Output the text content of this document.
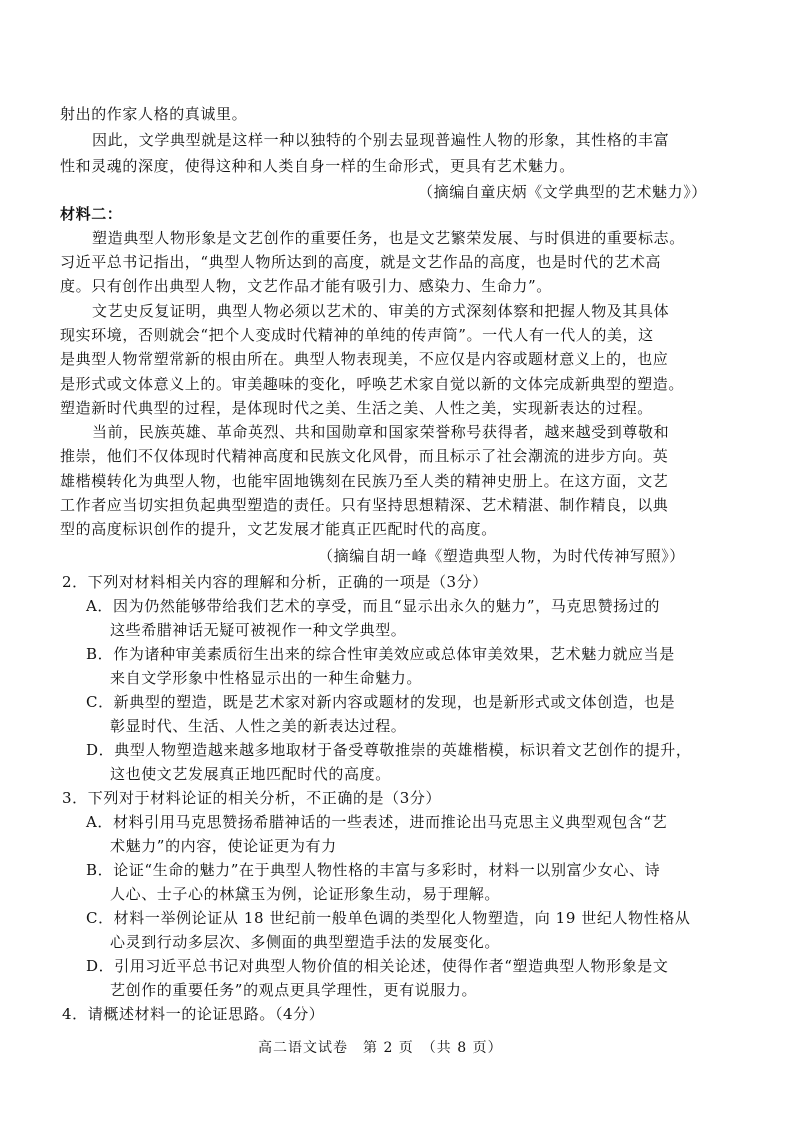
射出的作家人格的真诚里。
因此，文学典型就是这样一种以独特的个别去显现普遍性人物的形象，其性格的丰富
性和灵魂的深度，使得这种和人类自身一样的生命形式，更具有艺术魅力。
（摘编自童庆炳《文学典型的艺术魅力》）
材料二：
塑造典型人物形象是文艺创作的重要任务，也是文艺繁荣发展、与时俱进的重要标志。
习近平总书记指出，“典型人物所达到的高度，就是文艺作品的高度，也是时代的艺术高
度。只有创作出典型人物，文艺作品才能有吸引力、感染力、生命力”。
文艺史反复证明，典型人物必须以艺术的、审美的方式深刻体察和把握人物及其具体
现实环境，否则就会“把个人变成时代精神的单纯的传声筒”。一代人有一代人的美，这
是典型人物常塑常新的根由所在。典型人物表现美，不应仅是内容或题材意义上的，也应
是形式或文体意义上的。审美趣味的变化，呼唤艺术家自觉以新的文体完成新典型的塑造。
塑造新时代典型的过程，是体现时代之美、生活之美、人性之美，实现新表达的过程。
当前，民族英雄、革命英烈、共和国勋章和国家荣誉称号获得者，越来越受到尊敬和
推崇，他们不仅体现时代精神高度和民族文化风骨，而且标示了社会潮流的进步方向。英
雄楷模转化为典型人物，也能牢固地镌刻在民族乃至人类的精神史册上。在这方面，文艺
工作者应当切实担负起典型塑造的责任。只有坚持思想精深、艺术精湛、制作精良，以典
型的高度标识创作的提升，文艺发展才能真正匹配时代的高度。
（摘编自胡一峰《塑造典型人物，为时代传神写照》）
2．下列对材料相关内容的理解和分析，正确的一项是（3分）
A．因为仍然能够带给我们艺术的享受，而且“显示出永久的魅力”，马克思赞扬过的
这些希腊神话无疑可被视作一种文学典型。
B．作为诸种审美素质衍生出来的综合性审美效应或总体审美效果，艺术魅力就应当是
来自文学形象中性格显示出的一种生命魅力。
C．新典型的塑造，既是艺术家对新内容或题材的发现，也是新形式或文体创造，也是
彰显时代、生活、人性之美的新表达过程。
D．典型人物塑造越来越多地取材于备受尊敬推崇的英雄楷模，标识着文艺创作的提升，
这也使文艺发展真正地匹配时代的高度。
3．下列对于材料论证的相关分析，不正确的是（3分）
A．材料引用马克思赞扬希腊神话的一些表述，进而推论出马克思主义典型观包含“艺
术魅力”的内容，使论证更为有力
B．论证“生命的魅力”在于典型人物性格的丰富与多彩时，材料一以别富少女心、诗
人心、士子心的林黛玉为例，论证形象生动，易于理解。
C．材料一举例论证从 18 世纪前一般单色调的类型化人物塑造，向 19 世纪人物性格从
心灵到行动多层次、多侧面的典型塑造手法的发展变化。
D．引用习近平总书记对典型人物价值的相关论述，使得作者“塑造典型人物形象是文
艺创作的重要任务”的观点更具学理性，更有说服力。
4．请概述材料一的论证思路。（4分）
高二语文试卷　第 2 页　（共 8 页）
